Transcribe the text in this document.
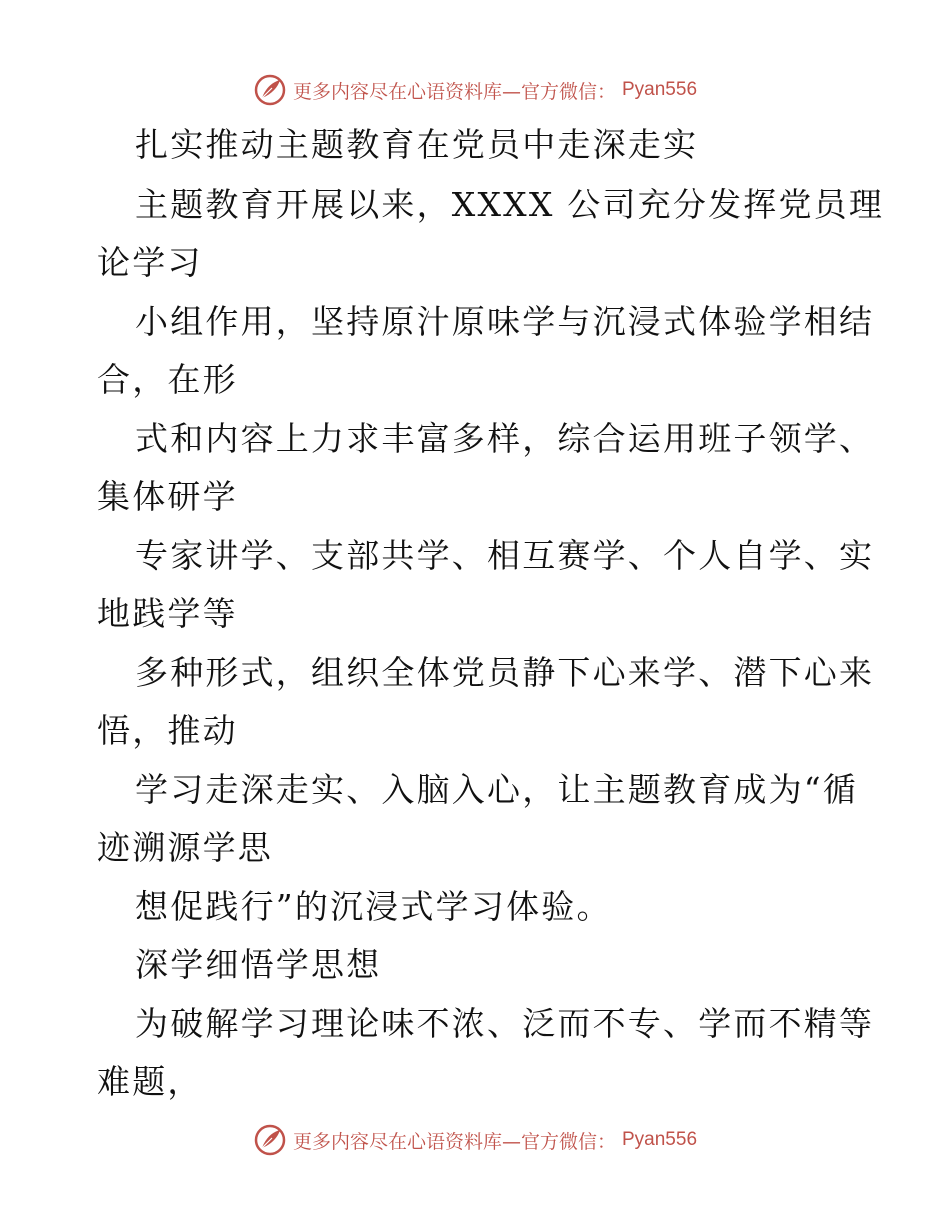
更多内容尽在心语资料库—官方微信： Pyan556
扎实推动主题教育在党员中走深走实
主题教育开展以来，XXXX 公司充分发挥党员理
论学习
小组作用，坚持原汁原味学与沉浸式体验学相结
合，在形
式和内容上力求丰富多样，综合运用班子领学、
集体研学
专家讲学、支部共学、相互赛学、个人自学、实
地践学等
多种形式，组织全体党员静下心来学、潜下心来
悟，推动
学习走深走实、入脑入心，让主题教育成为“循
迹溯源学思
想促践行”的沉浸式学习体验。
深学细悟学思想
为破解学习理论味不浓、泛而不专、学而不精等
难题，
更多内容尽在心语资料库—官方微信： Pyan556
